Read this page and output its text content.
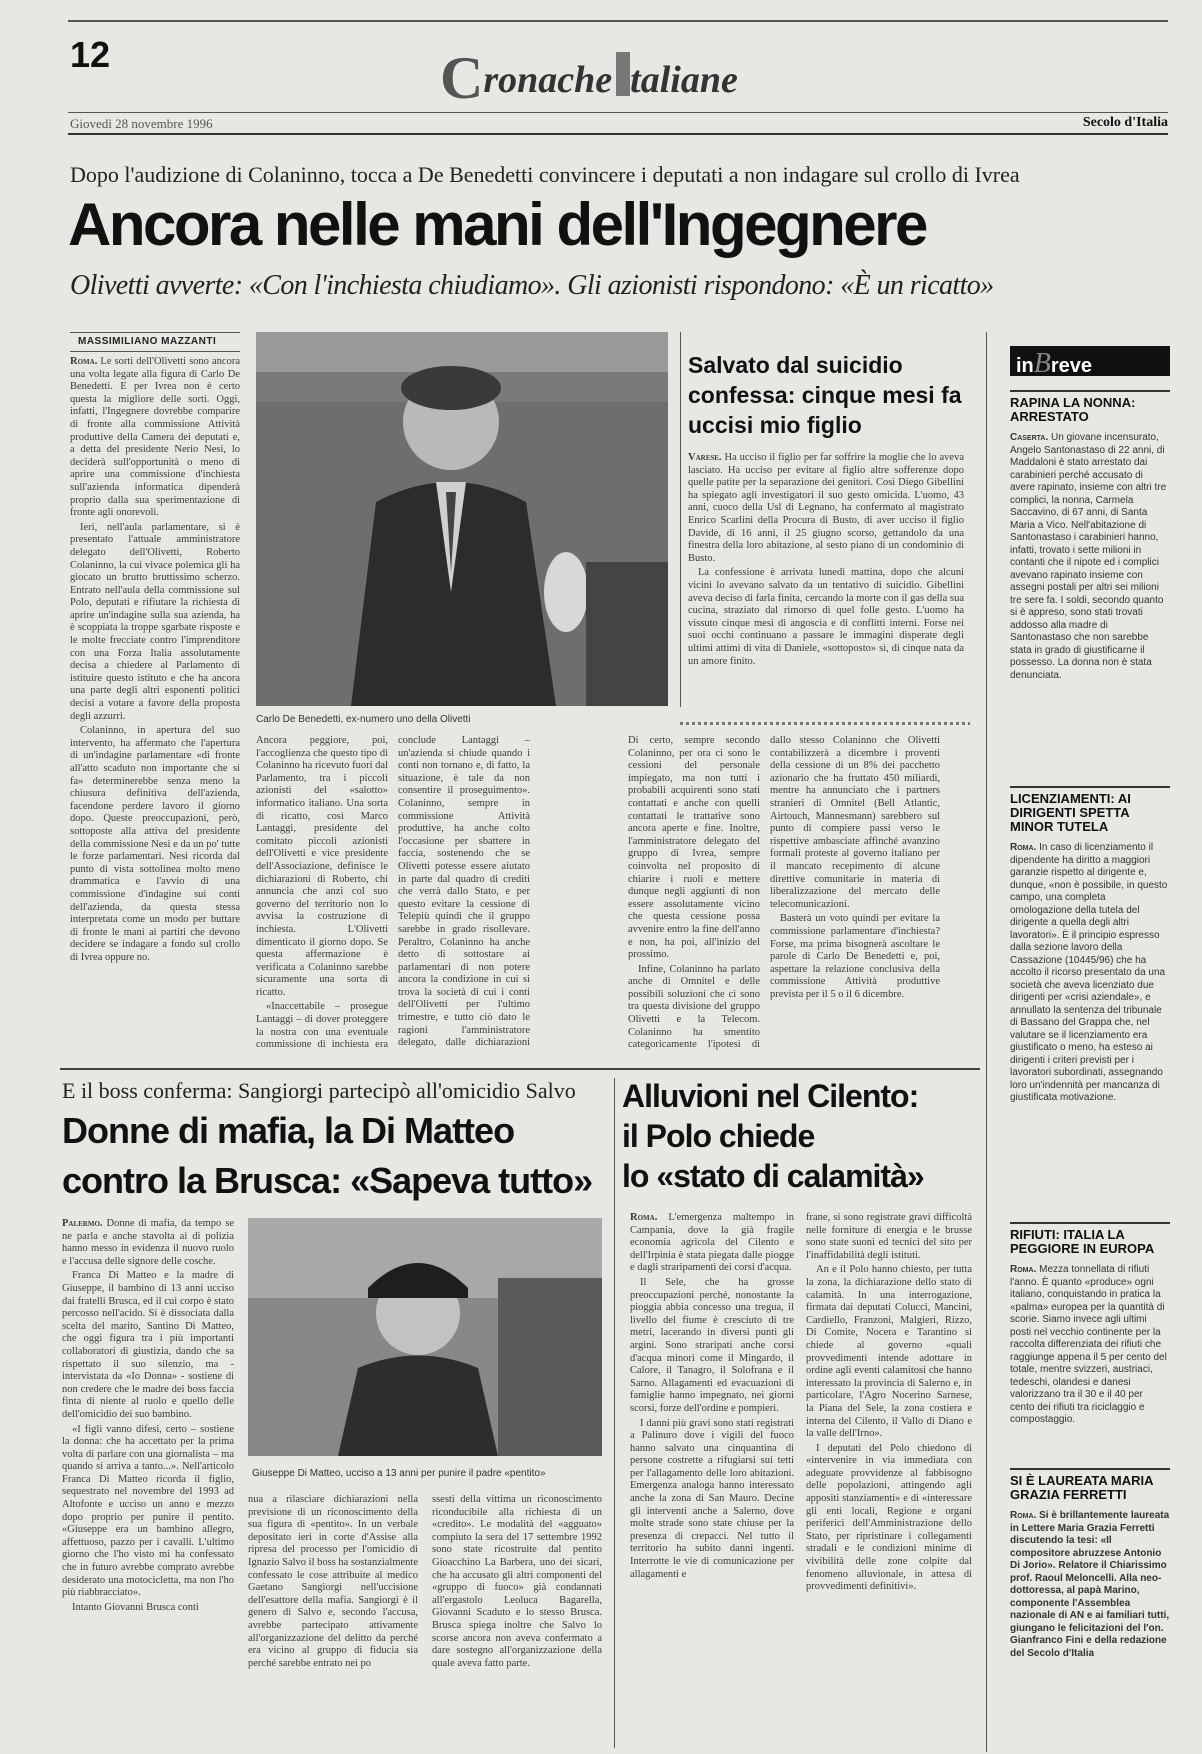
12	Cronache taliane
Giovedì 28 novembre 1996	Secolo d'Italia
Dopo l'audizione di Colaninno, tocca a De Benedetti convincere i deputati a non indagare sul crollo di Ivrea
Ancora nelle mani dell'Ingegnere
Olivetti avverte: «Con l'inchiesta chiudiamo». Gli azionisti rispondono: «È un ricatto»
MASSIMILIANO MAZZANTI

Roma. Le sorti dell'Olivetti sono ancora una volta legate alla figura di Carlo De Benedetti. E per Ivrea non è certo questa la migliore delle sorti. Oggi, infatti, l'Ingegnere dovrebbe comparire di fronte alla commissione Attività produttive della Camera dei deputati e, a detta del presidente Nerio Nesi, lo deciderà sull'opportunità o meno di aprire una commissione d'inchiesta sull'azienda informatica dipenderà proprio dalla sua sperimentazione di fronte agli onorevoli.

Ieri, nell'aula parlamentare, si è presentato l'attuale amministratore delegato dell'Olivetti, Roberto Colaninno, la cui vivace polemica gli ha giocato un brutto bruttissimo scherzo. Entrato nell'aula della commissione sul Polo, deputati e rifiutare la richiesta di aprire un'indagine sulla sua azienda, ha è scoppiata la troppe sgarbate risposte e le molte frecciate contro l'imprenditore con una Forza Italia assolutamente decisa a chiedere al Parlamento di istituire questo istituto e che ha ancora una parte degli altri esponenti politici decisi a votare a favore della proposta degli azzurri.

Colaninno, in apertura del suo intervento, ha affermato che l'apertura di un'indagine parlamentare «di fronte all'atto scaduto non importante che si fa» determinerebbe senza meno la chiusura definitiva dell'azienda, facendone perdere lavoro il giorno dopo. Queste preoccupazioni, però, sottoposte alla attiva del presidente della commissione Nesi e da un po' tutte le forze parlamentari. Nesi ricorda dal punto di vista sottolinea molto meno drammatica e l'avvio di una commissione d'indagine sui conti dell'azienda, da questa stessa interpretata come un modo per buttare di fronte le mani ai partiti che devono decidere se indagare a fondo sul crollo di Ivrea oppure no.

Carlo De Benedetti, ex-numero uno della Olivetti

Ancora peggiore, poi, l'accoglienza che questo tipo di Colaninno ha ricevuto fuori dal Parlamento, tra i piccoli azionisti del «salotto» informatico italiano. Una sorta di ricatto, così Marco Lantaggi, presidente del comitato piccoli azionisti dell'Olivetti e vice presidente dell'Associazione, definisce le dichiarazioni di Roberto, chi annuncia che anzi col suo governo del territorio non lo avvisa la costruzione di inchiesta. L'Olivetti dimenticato il giorno dopo. Se questa affermazione è verificata a Colaninno sarebbe sicuramente una sorta di ricatto.

«Inaccettabile – prosegue Lantaggi – di dover proteggere la nostra con una eventuale commissione di inchiesta era

conclude Lantaggi – un'azienda si chiude quando i conti non tornano e, di fatto, la situazione, è tale da non consentire il proseguimento». Colaninno, sempre in commissione Attività produttive, ha anche colto l'occasione per sbattere in faccia, sostenendo che se Olivetti potesse essere aiutato in parte dal quadro di crediti che verrà dallo Stato, e per questo evitare la cessione di Telepiù quindi che il gruppo sarebbe in grado risollevare. Peraltro, Colaninno ha anche detto di sottostare ai parlamentari di non potere ancora la condizione in cui si trova la società di cui i conti dell'Olivetti per l'ultimo trimestre, e tutto ciò dato le ragioni l'amministratore delegato, dalle dichiarazioni

Di certo, sempre secondo Colaninno, per ora ci sono le cessioni del personale impiegato, ma non tutti i probabili acquirenti sono stati contattati e anche con quelli contattati le trattative sono ancora aperte e fine. Inoltre, l'amministratore delegato del gruppo di Ivrea, sempre coinvolta nel proposito di chiarire i ruoli e mettere dunque negli aggiunti di non essere assolutamente vicino che questa cessione possa avvenire entro la fine dell'anno e non, ha poi, all'inizio del prossimo.

Infine, Colaninno ha parlato anche di Omnitel e delle possibili soluzioni che ci sono tra questa divisione del gruppo Olivetti e la Telecom. Colaninno ha smentito categoricamente l'ipotesi di

dallo stesso Colaninno che Olivetti contabilizzerà a dicembre i proventi della cessione di un 8% dei pacchetto azionario che ha fruttato 450 miliardi, mentre ha annunciato che i partners stranieri di Omnitel (Bell Atlantic, Airtouch, Mannesmann) sarebbero sul punto di compiere passi verso le rispettive ambasciate affinché avanzino formali proteste al governo italiano per il mancato recepimento di alcune direttive comunitarie in materia di liberalizzazione del mercato delle telecomunicazioni.

Basterà un voto quindi per evitare la commissione parlamentare d'inchiesta? Forse, ma prima bisognerà ascoltare le parole di Carlo De Benedetti e, poi, aspettare la relazione conclusiva della commissione Attività produttive prevista per il 5 o il 6 dicembre.

Salvato dal suicidio confessa: cinque mesi fa uccisi mio figlio

Varese. Ha ucciso il figlio per far soffrire la moglie che lo aveva lasciato. Ha ucciso per evitare al figlio altre sofferenze dopo quelle patite per la separazione dei genitori. Così Diego Gibellini ha spiegato agli investigatori il suo gesto omicida. L'uomo, 43 anni, cuoco della Usl di Legnano, ha confermato al magistrato Enrico Scarlini della Procura di Busto, di aver ucciso il figlio Davide, di 16 anni, il 25 giugno scorso, gettandolo da una finestra della loro abitazione, al sesto piano di un condominio di Busto.

La confessione è arrivata lunedì mattina, dopo che alcuni vicini lo avevano salvato da un tentativo di suicidio. Gibellini aveva deciso di farla finita, cercando la morte con il gas della sua cucina, straziato dal rimorso di quel folle gesto. L'uomo ha vissuto cinque mesi di angoscia e di conflitti interni. Forse nei suoi occhi continuano a passare le immagini disperate degli ultimi attimi di vita di Daniele, «sottoposto» sì, di cinque nata da un amore finito.

inBreve
RAPINA LA NONNA: ARRESTATO
Caserta. Un giovane incensurato, Angelo Santonastaso di 22 anni, di Maddaloni è stato arrestato dai carabinieri perché accusato di avere rapinato, insieme con altri tre complici, la nonna, Carmela Saccavino, di 67 anni, di Santa Maria a Vico. Nell'abitazione di Santonastaso i carabinieri hanno, infatti, trovato i sette milioni in contanti che il nipote ed i complici avevano rapinato insieme con assegni postali per altri sei milioni tre sere fa. I soldi, secondo quanto si è appreso, sono stati trovati addosso alla madre di Santonastaso che non sarebbe stata in grado di giustificarne il possesso. La donna non è stata denunciata.
LICENZIAMENTI: AI DIRIGENTI SPETTA MINOR TUTELA
Roma. In caso di licenziamento il dipendente ha diritto a maggiori garanzie rispetto al dirigente e, dunque, «non è possibile, in questo campo, una completa omologazione della tutela del dirigente a quella degli altri lavoratori». È il principio espresso dalla sezione lavoro della Cassazione (10445/96) che ha accolto il ricorso presentato da una società che aveva licenziato due dirigenti per «crisi aziendale», e annullato la sentenza del tribunale di Bassano del Grappa che, nel valutare se il licenziamento era giustificato o meno, ha esteso ai dirigenti i criteri previsti per i lavoratori subordinati, assegnando loro un'indennità per mancanza di giustificata motivazione.
RIFIUTI: ITALIA LA PEGGIORE IN EUROPA
Roma. Mezza tonnellata di rifiuti l'anno. È quanto «produce» ogni italiano, conquistando in pratica la «palma» europea per la quantità di scorie. Siamo invece agli ultimi posti nel vecchio continente per la raccolta differenziata dei rifiuti che raggiunge appena il 5 per cento del totale, mentre svizzeri, austriaci, tedeschi, olandesi e danesi valorizzano tra il 30 e il 40 per cento dei rifiuti tra riciclaggio e compostaggio.
SI È LAUREATA MARIA GRAZIA FERRETTI
Roma. Si è brillantemente laureata in Lettere Maria Grazia Ferretti discutendo la tesi: «Il compositore abruzzese Antonio Di Jorio». Relatore il Chiarissimo prof. Raoul Meloncelli. Alla neo-dottoressa, al papà Marino, componente l'Assemblea nazionale di AN e ai familiari tutti, giungano le felicitazioni del l'on. Gianfranco Fini e della redazione del Secolo d'Italia
E il boss conferma: Sangiorgi partecipò all'omicidio Salvo
Donne di mafia, la Di Matteo
contro la Brusca: «Sapeva tutto»

Palermo. Donne di mafia, da tempo se ne parla e anche stavolta ai di polizia hanno messo in evidenza il nuovo ruolo e l'accusa delle signore delle cosche.

Franca Di Matteo e la madre di Giuseppe, il bambino di 13 anni ucciso dai fratelli Brusca, ed il cui corpo è stato percosso nell'acido. Si è dissociata dalla scelta del marito, Santino Di Matteo, che oggi figura tra i più importanti collaboratori di giustizia, dando che sa rispettato il suo silenzio, ma - intervistata da «Io Donna» - sostiene di non credere che le madre dei boss faccia finta di niente al ruolo e quello delle dell'omicidio dei suo bambino.

«I figli vanno difesi, certo – sostiene la donna: che ha accettato per la prima volta di parlare con una giornalista – ma quando si arriva a tanto...». Nell'articolo Franca Di Matteo ricorda il figlio, sequestrato nel novembre del 1993 ad Altofonte e ucciso un anno e mezzo dopo proprio per punire il pentito. «Giuseppe era un bambino allegro, affettuoso, pazzo per i cavalli. L'ultimo giorno che l'ho visto mi ha confessato che in futuro avrebbe comprato avrebbe desiderato una motocicletta, ma non l'ho più riabbracciato».

Intanto Giovanni Brusca conti

Giuseppe Di Matteo, ucciso a 13 anni per punire il padre «pentito»

nua a rilasciare dichiarazioni nella previsione di un riconoscimento della sua figura di «pentito». In un verbale depositato ieri in corte d'Assise alla ripresa del processo per l'omicidio di Ignazio Salvo il boss ha sostanzialmente confessato le cose attribuite al medico Gaetano Sangiorgi nell'uccisione dell'esattore della mafia. Sangiorgi è il genero di Salvo e, secondo l'accusa, avrebbe partecipato attivamente all'organizzazione del delitto da perché era vicino al gruppo di fiducia sia perché sarebbe entrato nei po

ssesti della vittima un riconoscimento riconducibile alla richiesta di un «credito». Le modalità del «agguato» compiuto la sera del 17 settembre 1992 sono state ricostruite dal pentito Gioacchino La Barbera, uno dei sicari, che ha accusato gli altri componenti del «gruppo di fuoco» già condannati all'ergastolo Leoluca Bagarella, Giovanni Scaduto e lo stesso Brusca. Brusca spiega inoltre che Salvo lo scorse ancora non aveva confermato a dare sostegno all'organizzazione della quale aveva fatto parte.

Alluvioni nel Cilento:
il Polo chiede
lo «stato di calamità»

Roma. L'emergenza maltempo in Campania, dove la già fragile economia agricola del Cilento e dell'Irpinia è stata piegata dalle piogge e dagli straripamenti dei corsi d'acqua.

Il Sele, che ha grosse preoccupazioni perché, nonostante la pioggia abbia concesso una tregua, il livello del fiume è cresciuto di tre metri, lacerando in diversi punti gli argini. Sono straripati anche corsi d'acqua minori come il Mingardo, il Calore, il Tanagro, il Solofrana e il Sarno. Allagamenti ed evacuazioni di famiglie hanno impegnato, nei giorni scorsi, forze dell'ordine e pompieri.

I danni più gravi sono stati registrati a Palinuro dove i vigili del fuoco hanno salvato una cinquantina di persone costrette a rifugiarsi sui tetti per l'allagamento delle loro abitazioni. Emergenza analoga hanno interessato anche la zona di San Mauro. Decine gli interventi anche a Salerno, dove molte strade sono state chiuse per la presenza di crepacci. Nel tutto il territorio ha subito danni ingenti. Interrotte le vie di comunicazione per allagamenti e

frane, si sono registrate gravi difficoltà nelle forniture di energia e le brusse sono state suoni ed tecnici del sito per l'inaffidabilità degli istituti.

An e il Polo hanno chiesto, per tutta la zona, la dichiarazione dello stato di calamità. In una interrogazione, firmata dai deputati Colucci, Mancini, Cardiello, Franzoni, Malgieri, Rizzo, Di Comite, Nocera e Tarantino si chiede al governo «quali provvedimenti intende adottare in ordine agli eventi calamitosi che hanno interessato la provincia di Salerno e, in particolare, l'Agro Nocerino Sarnese, la Piana del Sele, la zona costiera e interna del Cilento, il Vallo di Diano e la valle dell'Irno».

I deputati del Polo chiedono di «intervenire in via immediata con adeguate provvidenze al fabbisogno delle popolazioni, attingendo agli appositi stanziamenti» e di «interessare gli enti locali, Regione e organi periferici dell'Amministrazione dello Stato, per ripristinare i collegamenti stradali e le condizioni minime di vivibilità delle zone colpite dal fenomeno alluvionale, in attesa di provvedimenti definitivi».
